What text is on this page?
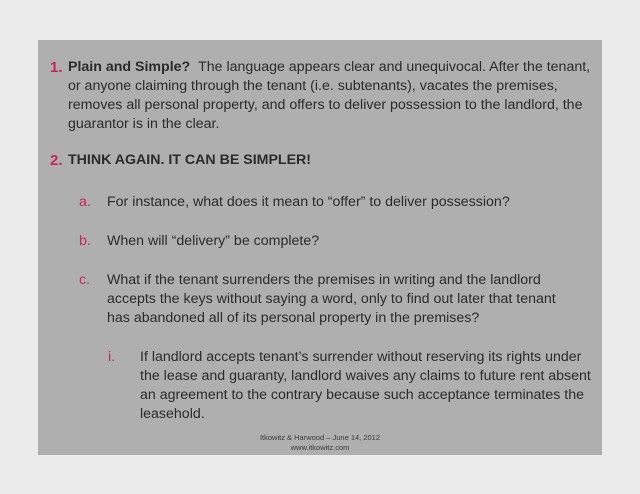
1. Plain and Simple? The language appears clear and unequivocal. After the tenant, or anyone claiming through the tenant (i.e. subtenants), vacates the premises, removes all personal property, and offers to deliver possession to the landlord, the guarantor is in the clear.
2. THINK AGAIN. IT CAN BE SIMPLER!
a. For instance, what does it mean to “offer” to deliver possession?
b. When will “delivery” be complete?
c. What if the tenant surrenders the premises in writing and the landlord accepts the keys without saying a word, only to find out later that tenant has abandoned all of its personal property in the premises?
i. If landlord accepts tenant’s surrender without reserving its rights under the lease and guaranty, landlord waives any claims to future rent absent an agreement to the contrary because such acceptance terminates the leasehold.
Itkowitz & Harwood – June 14, 2012
www.itkowitz.com
